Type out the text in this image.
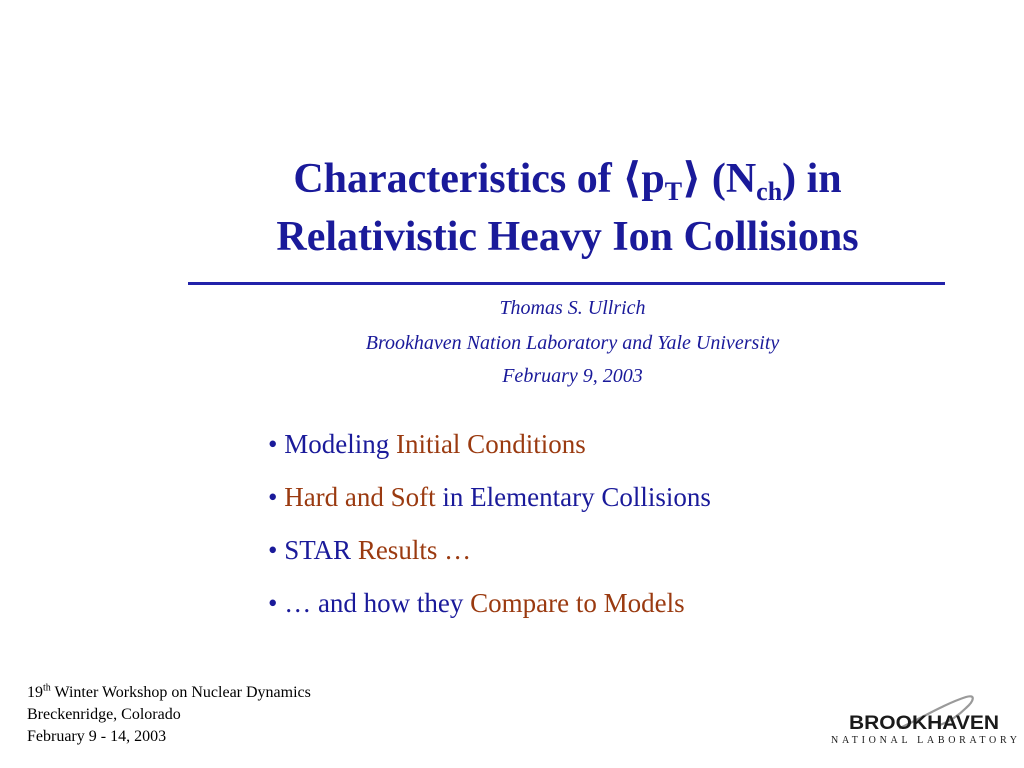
Characteristics of $⟨p_T⟩$ $(N_{ch})$ in
Relativistic Heavy Ion Collisions
Thomas S. Ullrich
Brookhaven Nation Laboratory and Yale University
February 9, 2003
• Modeling Initial Conditions
• Hard and Soft in Elementary Collisions
• STAR Results …
• … and how they Compare to Models
19th Winter Workshop on Nuclear Dynamics
Breckenridge, Colorado
February 9 - 14, 2003
BROOKHAVEN
NATIONAL LABORATORY
